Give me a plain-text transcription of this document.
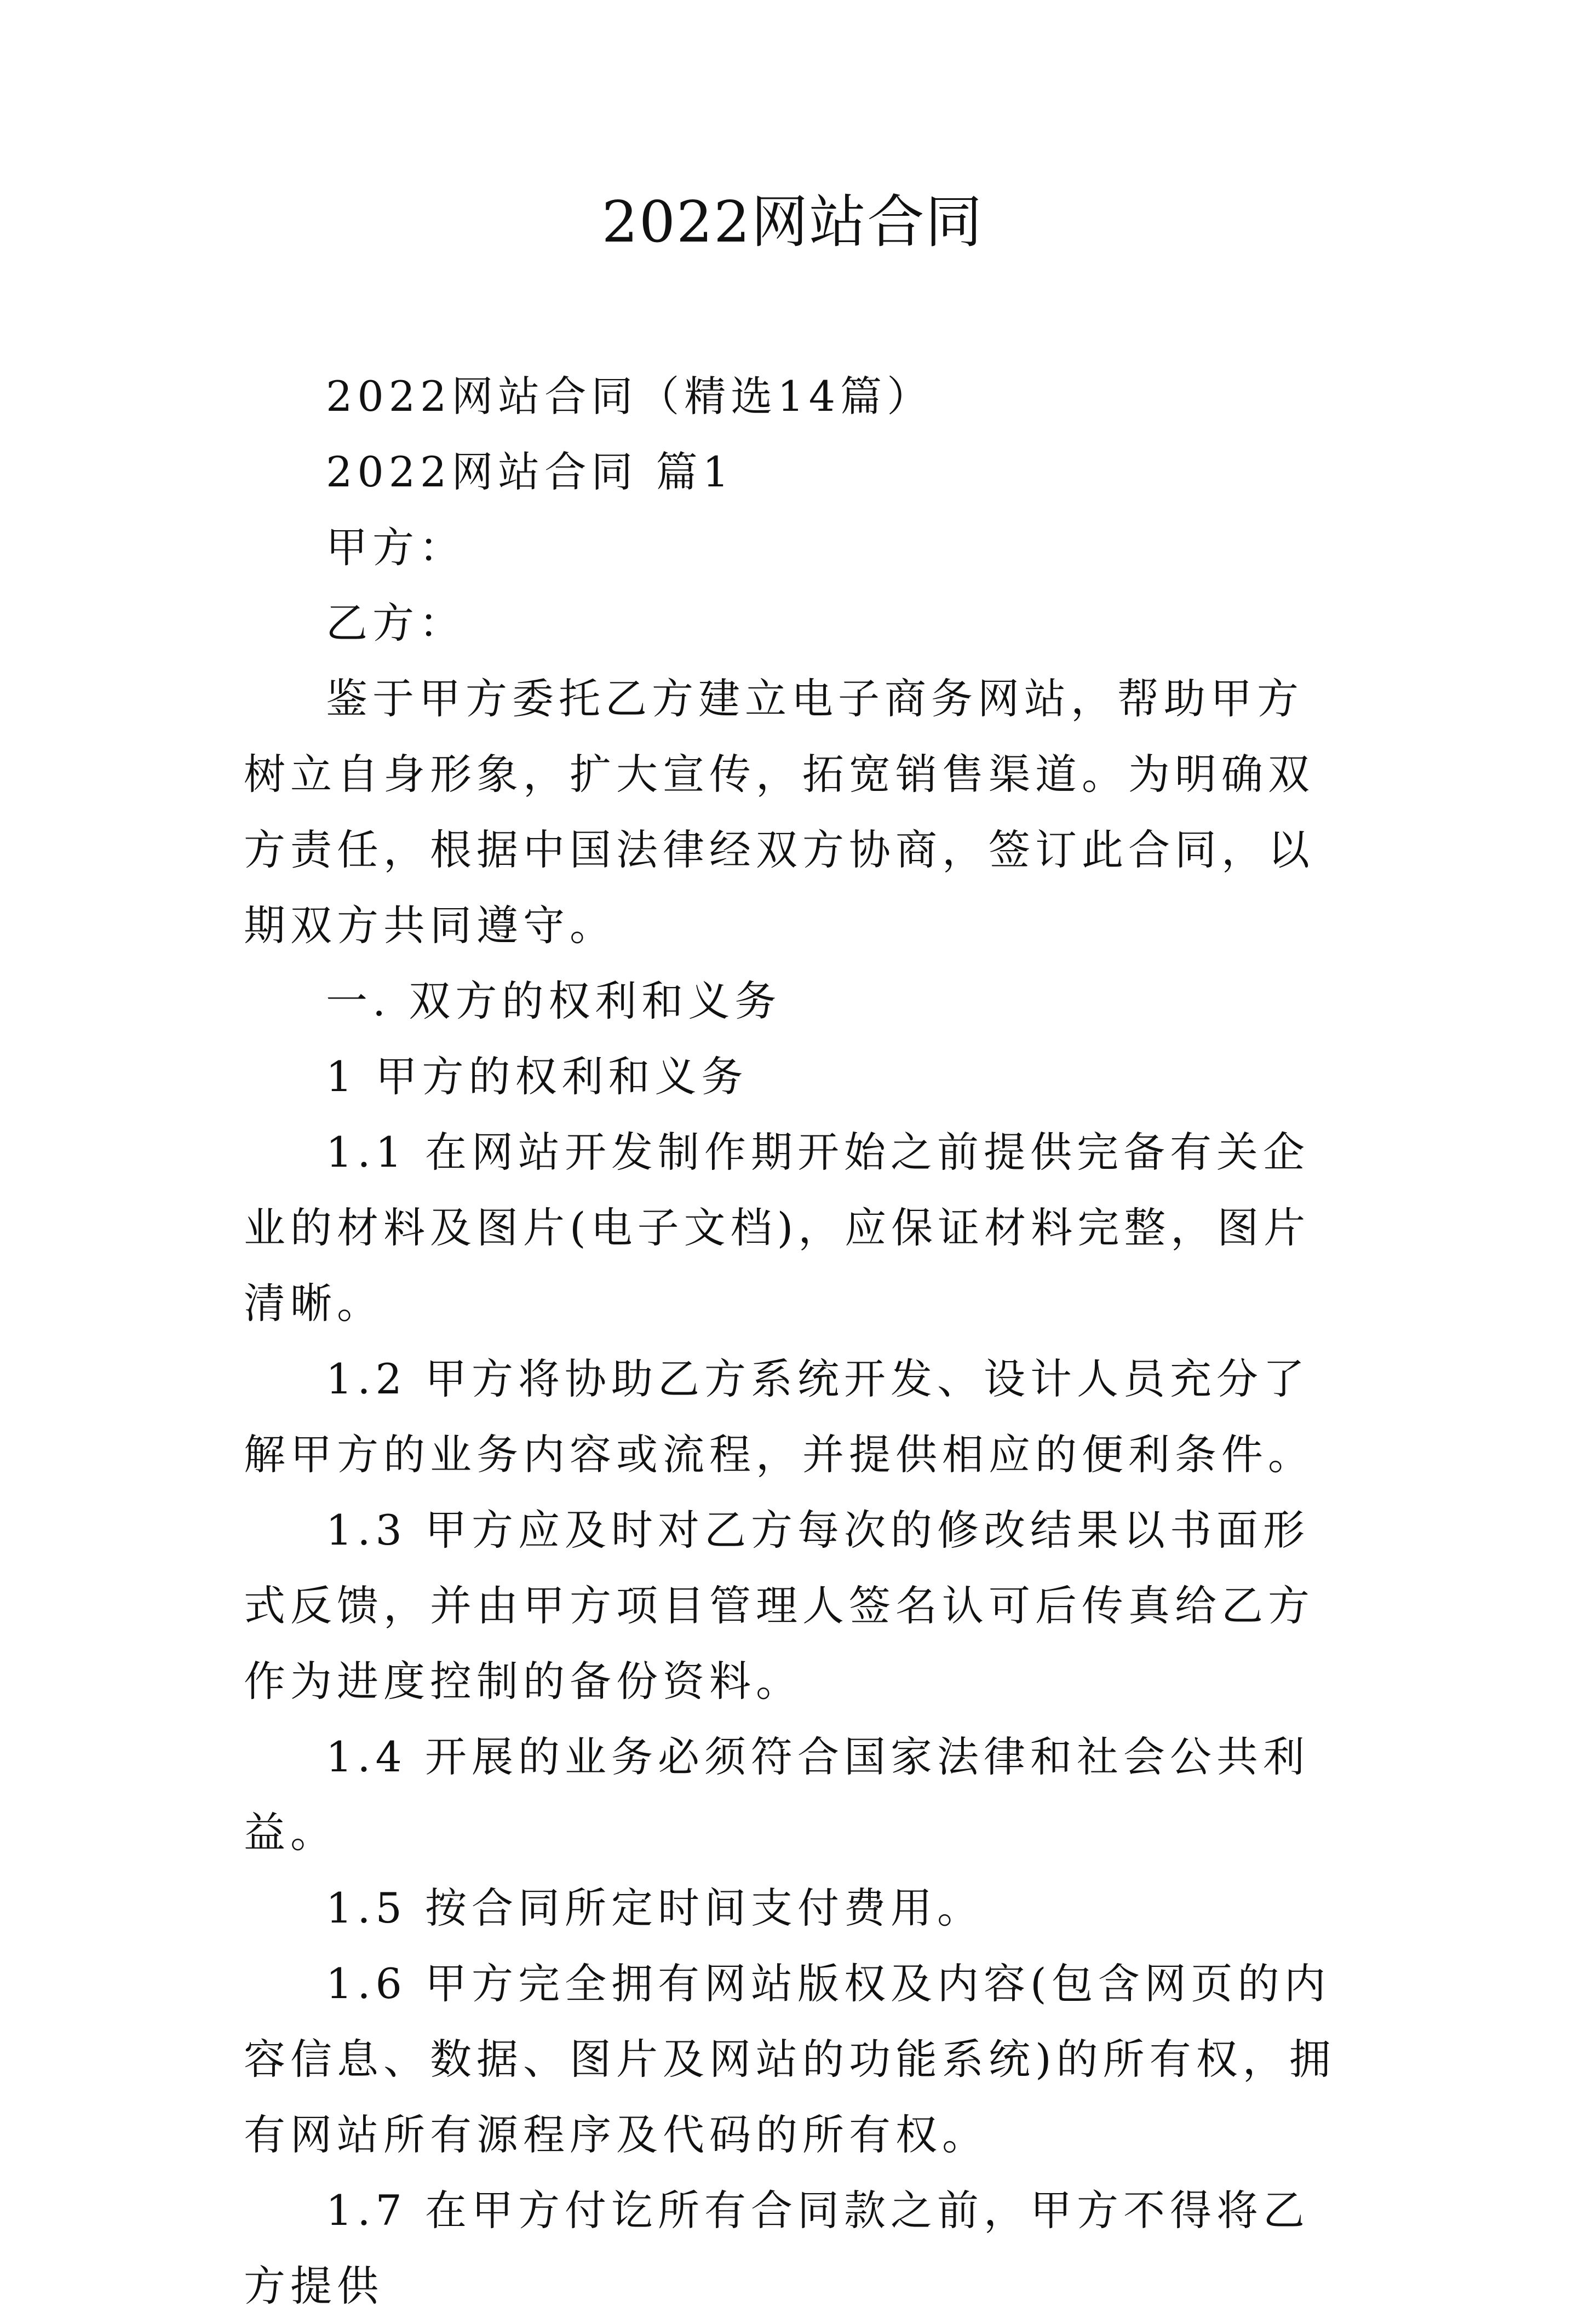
2022网站合同

2022网站合同（精选14篇）

2022网站合同 篇1

甲方：

乙方：

鉴于甲方委托乙方建立电子商务网站，帮助甲方树立自身形象，扩大宣传，拓宽销售渠道。为明确双方责任，根据中国法律经双方协商，签订此合同，以期双方共同遵守。

一. 双方的权利和义务

1 甲方的权利和义务

1.1 在网站开发制作期开始之前提供完备有关企业的材料及图片(电子文档)，应保证材料完整，图片清晰。

1.2 甲方将协助乙方系统开发、设计人员充分了解甲方的业务内容或流程，并提供相应的便利条件。

1.3 甲方应及时对乙方每次的修改结果以书面形式反馈，并由甲方项目管理人签名认可后传真给乙方作为进度控制的备份资料。

1.4 开展的业务必须符合国家法律和社会公共利益。

1.5 按合同所定时间支付费用。

1.6 甲方完全拥有网站版权及内容(包含网页的内容信息、数据、图片及网站的功能系统)的所有权，拥有网站所有源程序及代码的所有权。

1.7 在甲方付讫所有合同款之前，甲方不得将乙方提供
